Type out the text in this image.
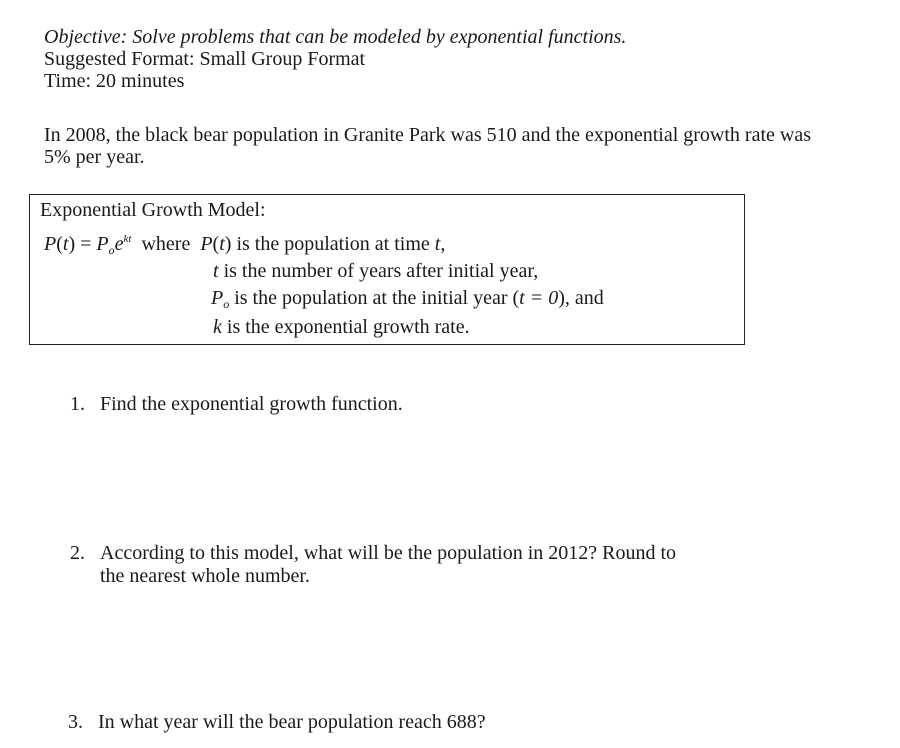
Objective: Solve problems that can be modeled by exponential functions.
Suggested Format: Small Group Format
Time: 20 minutes
In 2008, the black bear population in Granite Park was 510 and the exponential growth rate was
5% per year.
Exponential Growth Model:
$P(t) = P_oe^{kt}$ where P(t) is the population at time t,
t is the number of years after initial year,
$P_o$ is the population at the initial year (t = 0), and
k is the exponential growth rate.
1. Find the exponential growth function.
2. According to this model, what will be the population in 2012? Round to
the nearest whole number.
3. In what year will the bear population reach 688?
